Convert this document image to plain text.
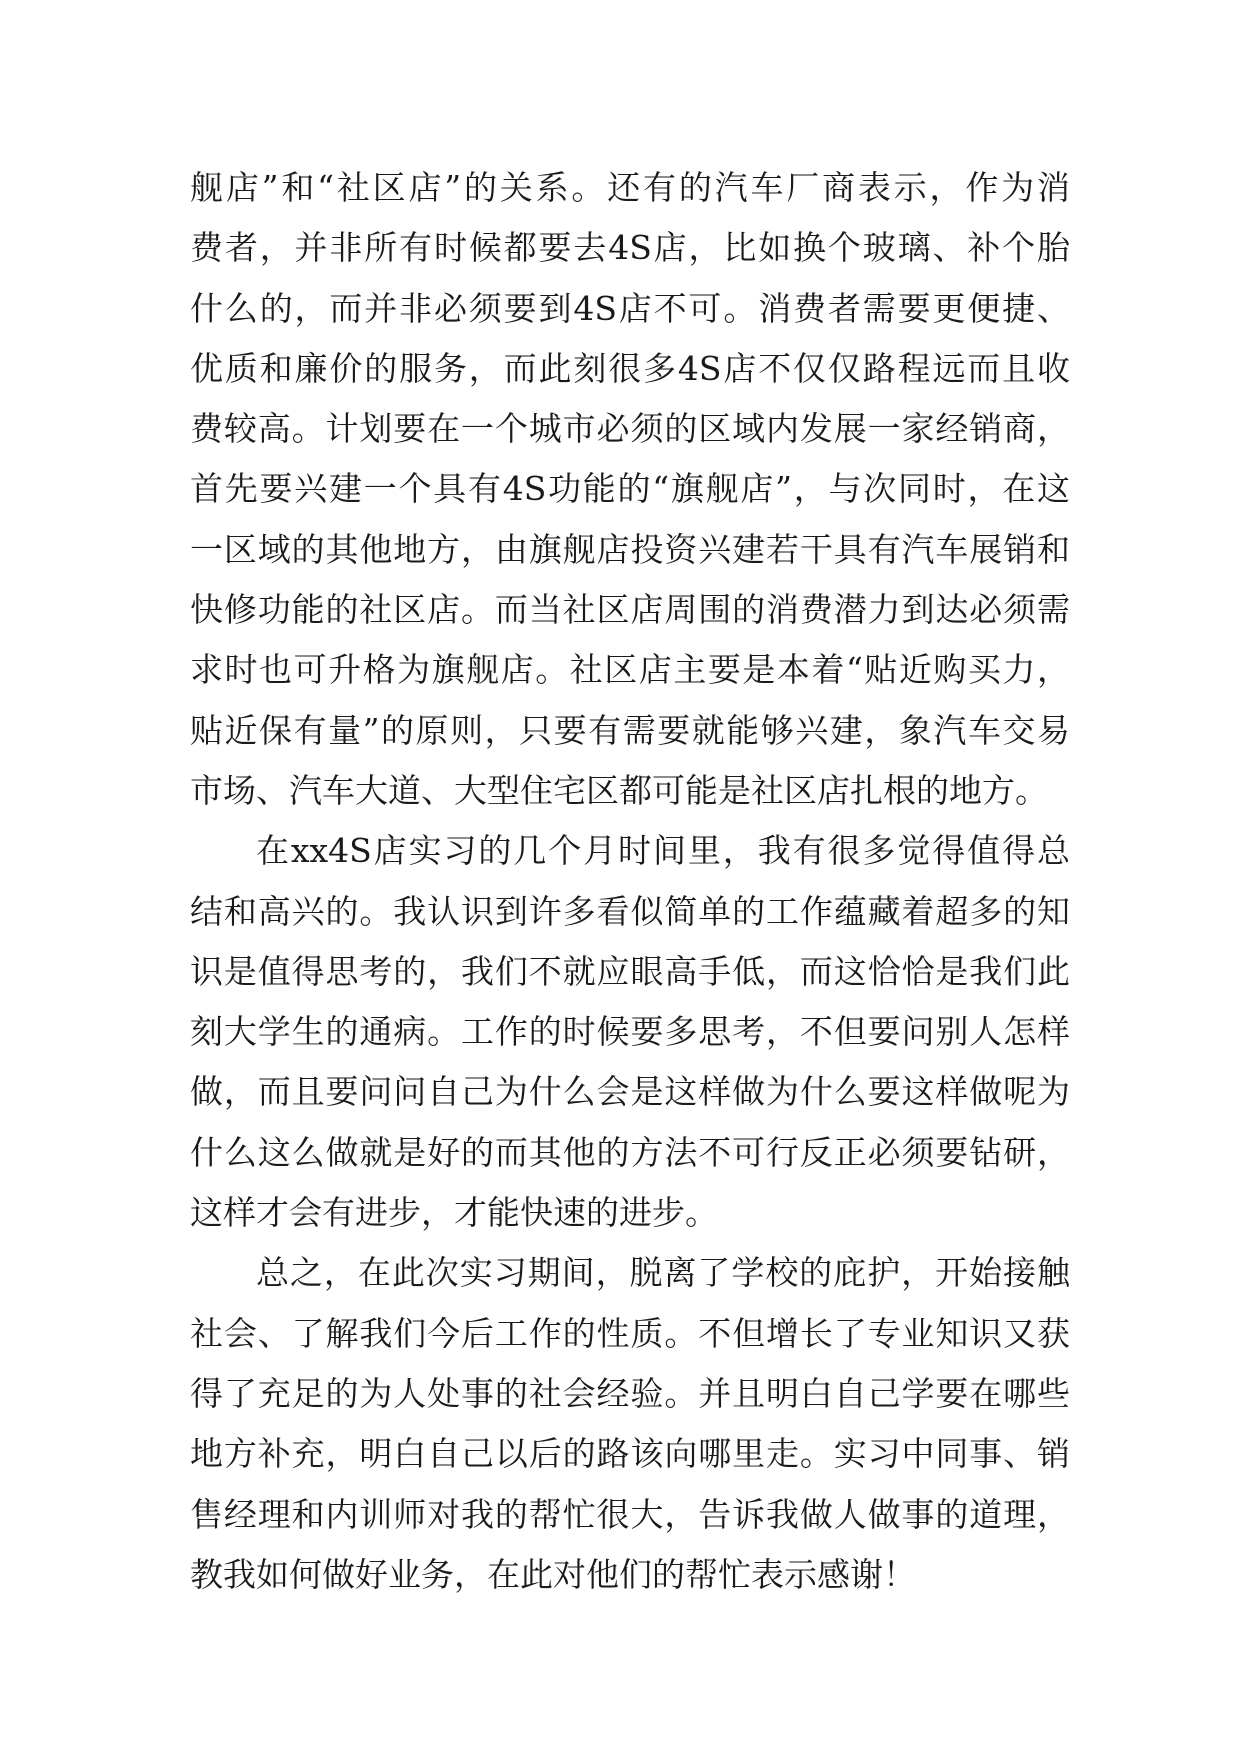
舰店”和“社区店”的关系。还有的汽车厂商表示，作为消
费者，并非所有时候都要去4S店，比如换个玻璃、补个胎
什么的，而并非必须要到4S店不可。消费者需要更便捷、
优质和廉价的服务，而此刻很多4S店不仅仅路程远而且收
费较高。计划要在一个城市必须的区域内发展一家经销商，
首先要兴建一个具有4S功能的“旗舰店”，与次同时，在这
一区域的其他地方，由旗舰店投资兴建若干具有汽车展销和
快修功能的社区店。而当社区店周围的消费潜力到达必须需
求时也可升格为旗舰店。社区店主要是本着“贴近购买力，
贴近保有量”的原则，只要有需要就能够兴建，象汽车交易
市场、汽车大道、大型住宅区都可能是社区店扎根的地方。
在xx4S店实习的几个月时间里，我有很多觉得值得总
结和高兴的。我认识到许多看似简单的工作蕴藏着超多的知
识是值得思考的，我们不就应眼高手低，而这恰恰是我们此
刻大学生的通病。工作的时候要多思考，不但要问别人怎样
做，而且要问问自己为什么会是这样做为什么要这样做呢为
什么这么做就是好的而其他的方法不可行反正必须要钻研，
这样才会有进步，才能快速的进步。
总之，在此次实习期间，脱离了学校的庇护，开始接触
社会、了解我们今后工作的性质。不但增长了专业知识又获
得了充足的为人处事的社会经验。并且明白自己学要在哪些
地方补充，明白自己以后的路该向哪里走。实习中同事、销
售经理和内训师对我的帮忙很大，告诉我做人做事的道理，
教我如何做好业务，在此对他们的帮忙表示感谢！
